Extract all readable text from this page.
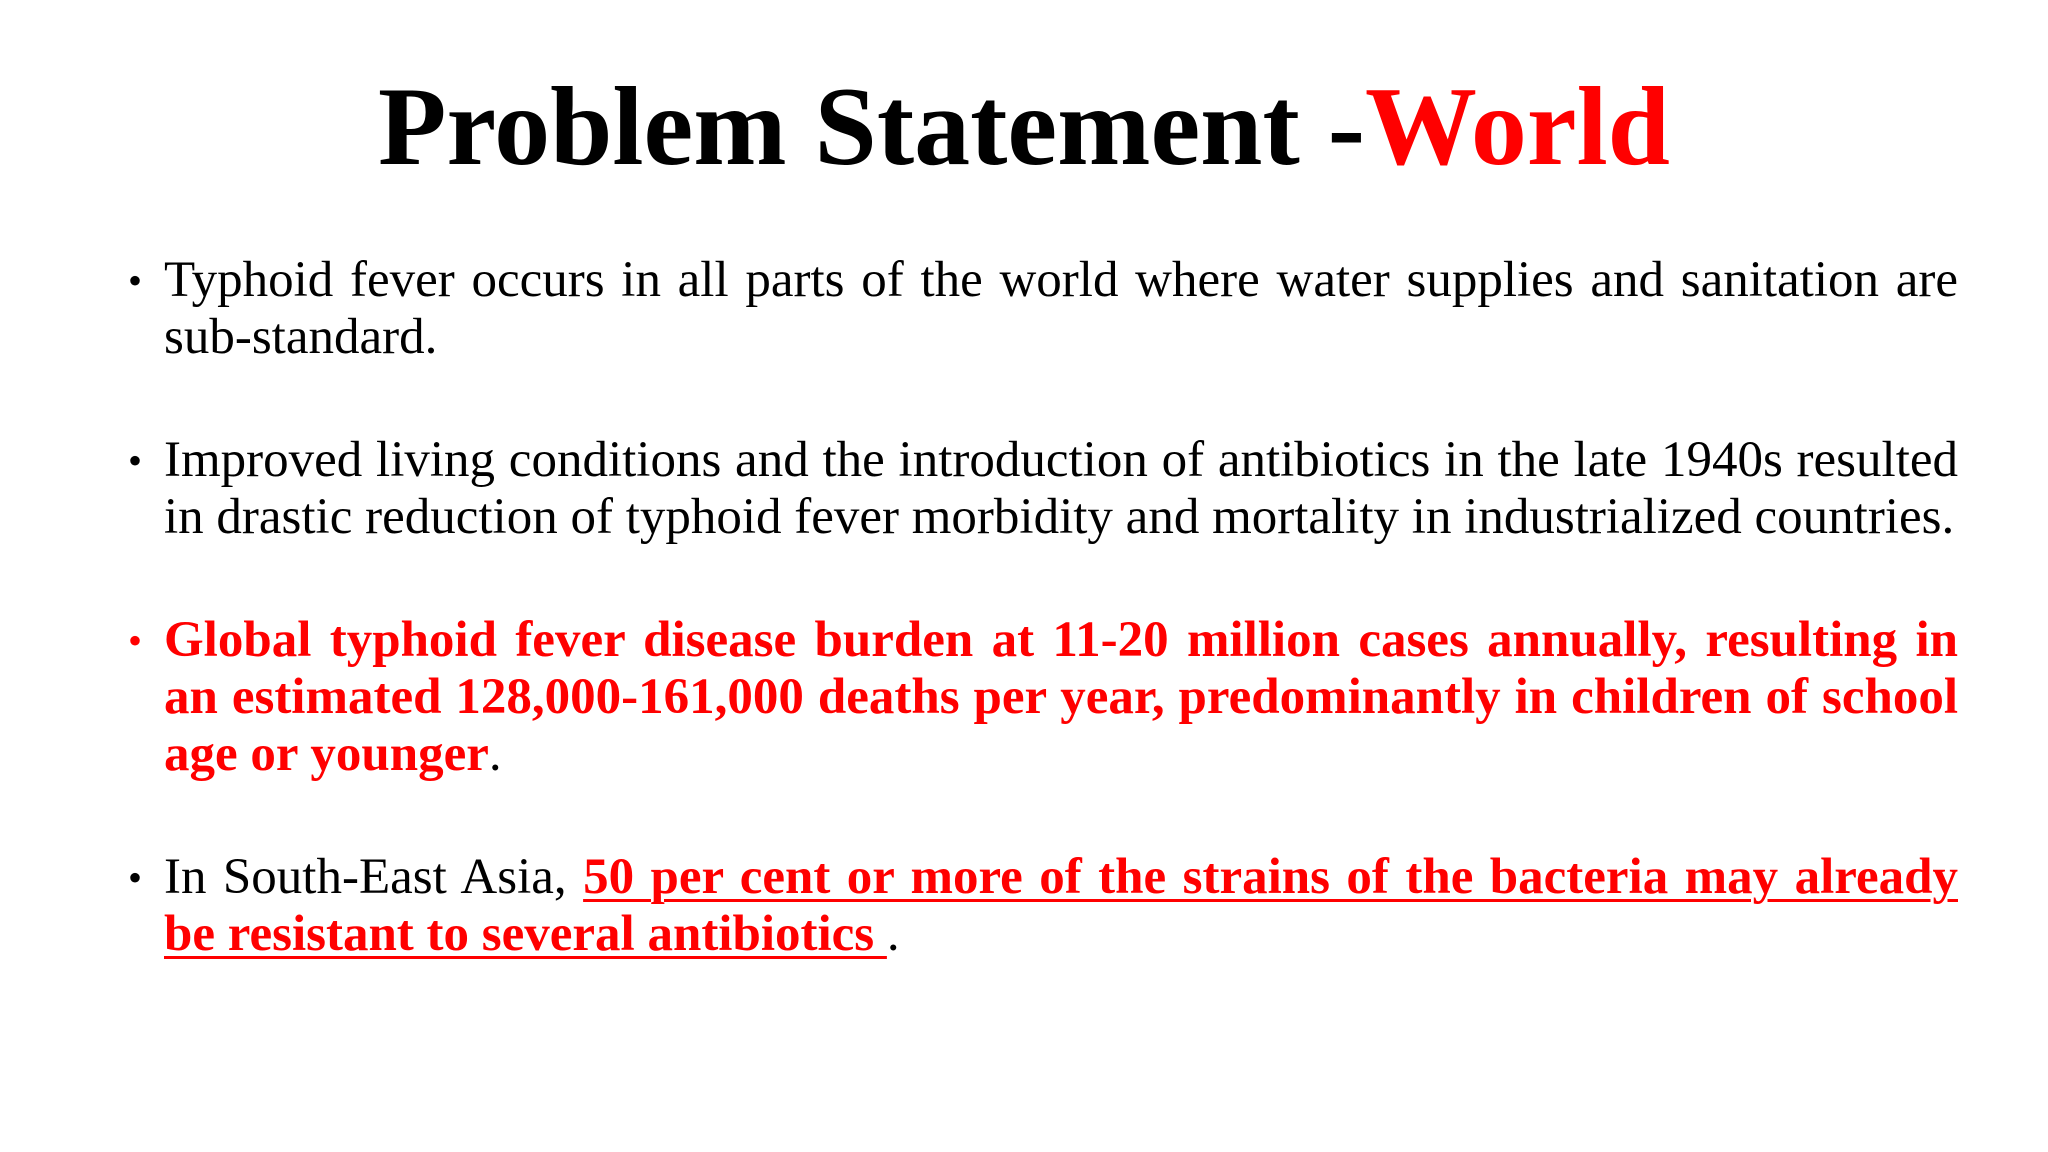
Problem Statement -World
• Typhoid fever occurs in all parts of the world where water supplies and sanitation are sub-standard.
• Improved living conditions and the introduction of antibiotics in the late 1940s resulted in drastic reduction of typhoid fever morbidity and mortality in industrialized countries.
• Global typhoid fever disease burden at 11-20 million cases annually, resulting in an estimated 128,000-161,000 deaths per year, predominantly in children of school age or younger.
• In South-East Asia, 50 per cent or more of the strains of the bacteria may already be resistant to several antibiotics .
